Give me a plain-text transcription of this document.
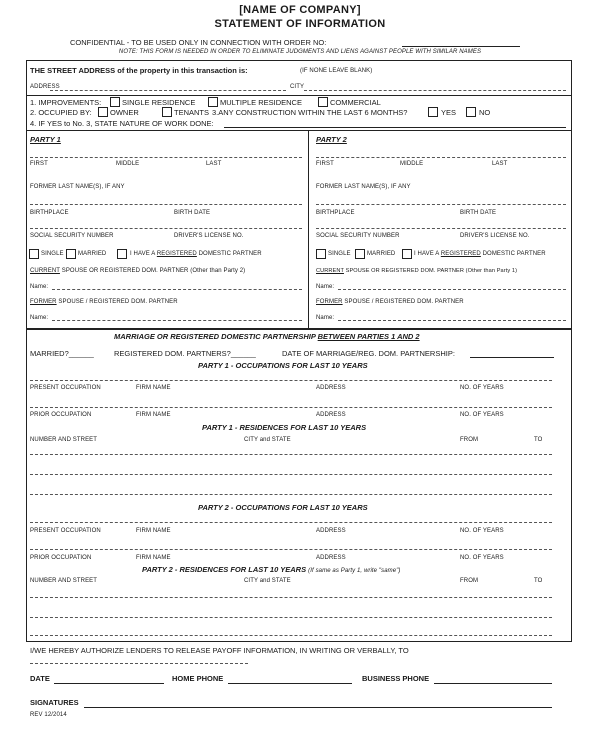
[NAME OF COMPANY]
STATEMENT OF INFORMATION
CONFIDENTIAL - TO BE USED ONLY IN CONNECTION WITH ORDER NO:
NOTE: THIS FORM IS NEEDED IN ORDER TO ELIMINATE JUDGMENTS AND LIENS AGAINST PEOPLE WITH SIMILAR NAMES
THE STREET ADDRESS of the property in this transaction is:	(IF NONE LEAVE BLANK)
ADDRESS	CITY
1. IMPROVEMENTS:	SINGLE RESIDENCE	MULTIPLE RESIDENCE	COMMERCIAL
2. OCCUPIED BY: OWNER	TENANTS 3.ANY CONSTRUCTION WITHIN THE LAST 6 MONTHS?	YES	NO
4. IF YES to No. 3, STATE NATURE OF WORK DONE:
PARTY 1
FIRST	MIDDLE	LAST
FORMER LAST NAME(S), IF ANY
BIRTHPLACE	BIRTH DATE
SOCIAL SECURITY NUMBER	DRIVER'S LICENSE NO.
SINGLE MARRIED	I HAVE A REGISTERED DOMESTIC PARTNER
CURRENT SPOUSE OR REGISTERED DOM. PARTNER (Other than Party 2)
Name:
FORMER SPOUSE / REGISTERED DOM. PARTNER
Name:
PARTY 2
FIRST	MIDDLE	LAST
FORMER LAST NAME(S), IF ANY
BIRTHPLACE	BIRTH DATE
SOCIAL SECURITY NUMBER	DRIVER'S LICENSE NO.
SINGLE	MARRIED	I HAVE A REGISTERED DOMESTIC PARTNER
CURRENT SPOUSE OR REGISTERED DOM. PARTNER (Other than Party 1)
Name:
FORMER SPOUSE / REGISTERED DOM. PARTNER
Name:
MARRIAGE OR REGISTERED DOMESTIC PARTNERSHIP BETWEEN PARTIES 1 AND 2
MARRIED?______	REGISTERED DOM. PARTNERS?______	DATE OF MARRIAGE/REG. DOM. PARTNERSHIP:
PARTY 1 - OCCUPATIONS FOR LAST 10 YEARS
PRESENT OCCUPATION	FIRM NAME	ADDRESS	NO. OF YEARS
PRIOR OCCUPATION	FIRM NAME	ADDRESS	NO. OF YEARS
PARTY 1 - RESIDENCES FOR LAST 10 YEARS
NUMBER AND STREET	CITY and STATE	FROM	TO
PARTY 2 - OCCUPATIONS FOR LAST 10 YEARS
PRESENT OCCUPATION	FIRM NAME	ADDRESS	NO. OF YEARS
PRIOR OCCUPATION	FIRM NAME	ADDRESS	NO. OF YEARS
PARTY 2 - RESIDENCES FOR LAST 10 YEARS (If same as Party 1, write "same")
NUMBER AND STREET	CITY and STATE	FROM	TO
I/WE HEREBY AUTHORIZE LENDERS TO RELEASE PAYOFF INFORMATION, IN WRITING OR VERBALLY, TO
DATE	HOME PHONE	BUSINESS PHONE
SIGNATURES
REV 12/2014
